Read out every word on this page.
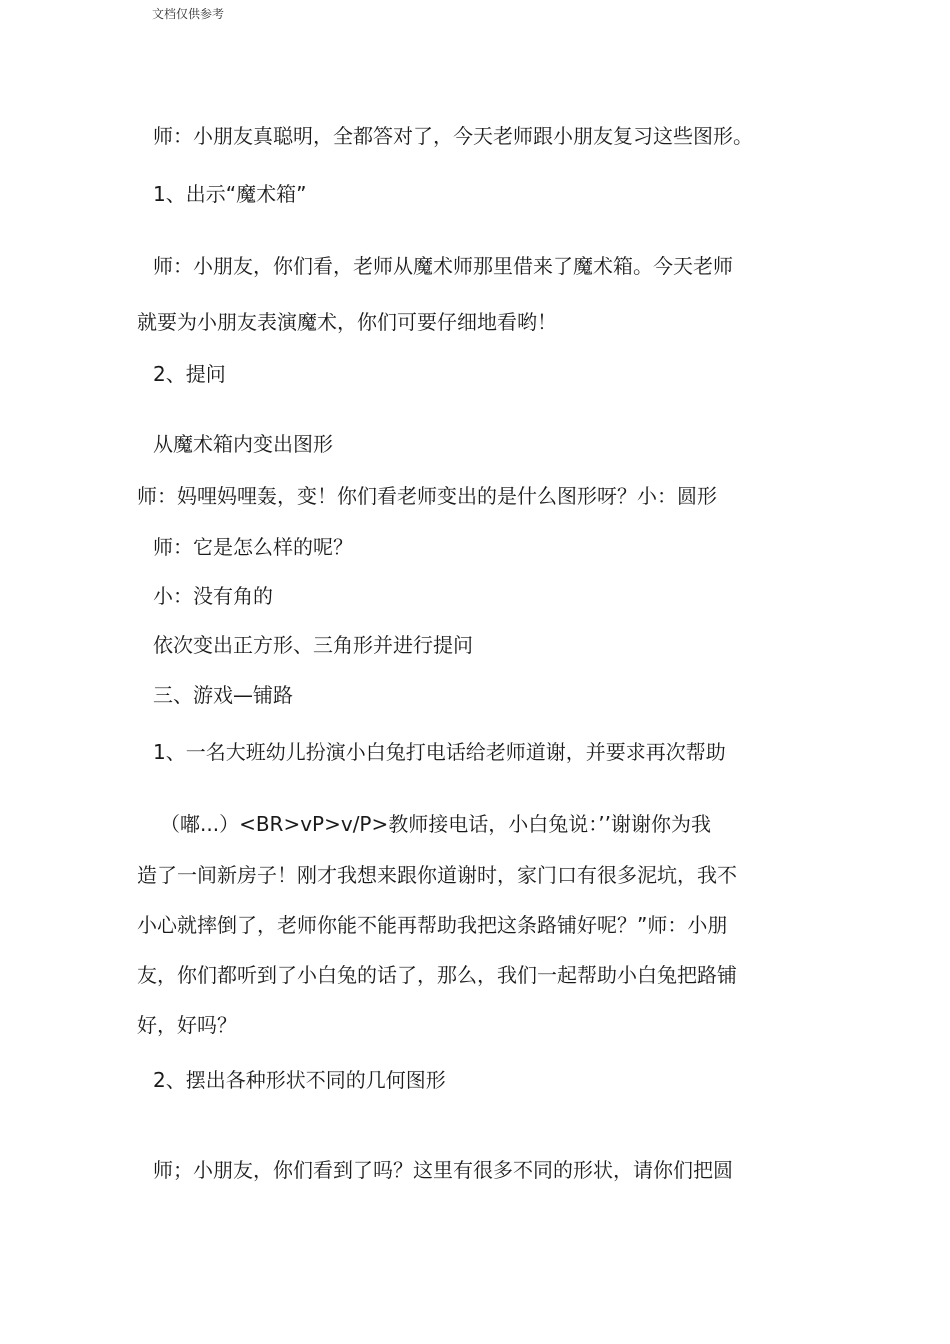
文档仅供参考
师：小朋友真聪明，全都答对了，今天老师跟小朋友复习这些图形。
1、出示“魔术箱”
师：小朋友，你们看，老师从魔术师那里借来了魔术箱。今天老师
就要为小朋友表演魔术，你们可要仔细地看哟！
2、提问
从魔术箱内变出图形
师：妈哩妈哩轰，变！你们看老师变出的是什么图形呀？小：圆形
师：它是怎么样的呢？
小：没有角的
依次变出正方形、三角形并进行提问
三、游戏—铺路
1、一名大班幼儿扮演小白兔打电话给老师道谢，并要求再次帮助
（嘟...）<BR>vP>v/P>教师接电话，小白兔说：’’谢谢你为我
造了一间新房子！刚才我想来跟你道谢时，家门口有很多泥坑，我不
小心就摔倒了，老师你能不能再帮助我把这条路铺好呢？”师：小朋
友，你们都听到了小白兔的话了，那么，我们一起帮助小白兔把路铺
好，好吗？
2、摆出各种形状不同的几何图形
师；小朋友，你们看到了吗？这里有很多不同的形状，请你们把圆
